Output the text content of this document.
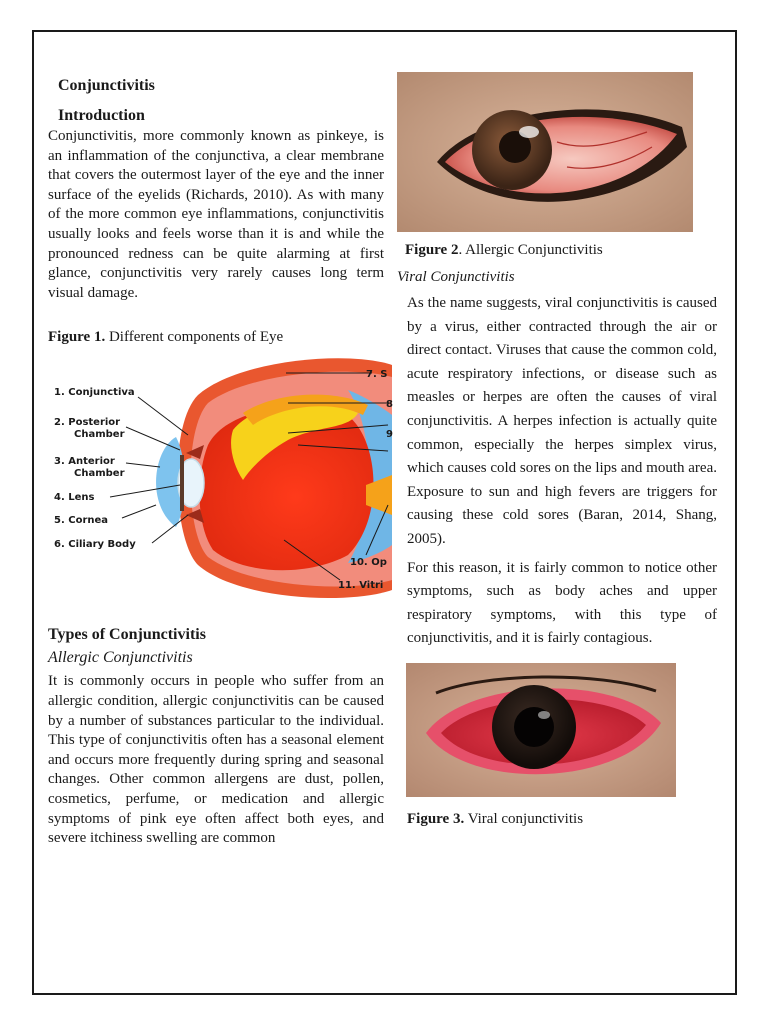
Conjunctivitis
Introduction

Conjunctivitis, more commonly known as pinkeye, is an inflammation of the conjunctiva, a clear membrane that covers the outermost layer of the eye and the inner surface of the eyelids (Richards, 2010). As with many of the more common eye inflammations, conjunctivitis usually looks and feels worse than it is and while the pronounced redness can be quite alarming at first glance, conjunctivitis very rarely causes long term visual damage.

Figure 1. Different components of Eye
1. Conjunctiva
2. Posterior
Chamber
3. Anterior
Chamber
4. Lens
5. Cornea
6. Ciliary Body
7. S
8
9
10. Op
11. Vitri
Types of Conjunctivitis
Allergic Conjunctivitis

It is commonly occurs in people who suffer from an allergic condition, allergic conjunctivitis can be caused by a number of substances particular to the individual. This type of conjunctivitis often has a seasonal element and occurs more frequently during spring and seasonal changes. Other common allergens are dust, pollen, cosmetics, perfume, or medication and allergic symptoms of pink eye often affect both eyes, and severe itchiness swelling are common

Figure 2. Allergic Conjunctivitis
Viral Conjunctivitis

As the name suggests, viral conjunctivitis is caused by a virus, either contracted through the air or direct contact. Viruses that cause the common cold, acute respiratory infections, or disease such as measles or herpes are often the causes of viral conjunctivitis. A herpes infection is actually quite common, especially the herpes simplex virus, which causes cold sores on the lips and mouth area. Exposure to sun and high fevers are triggers for causing these cold sores (Baran, 2014, Shang, 2005).

For this reason, it is fairly common to notice other symptoms, such as body aches and upper respiratory symptoms, with this type of conjunctivitis, and it is fairly contagious.

Figure 3. Viral conjunctivitis
